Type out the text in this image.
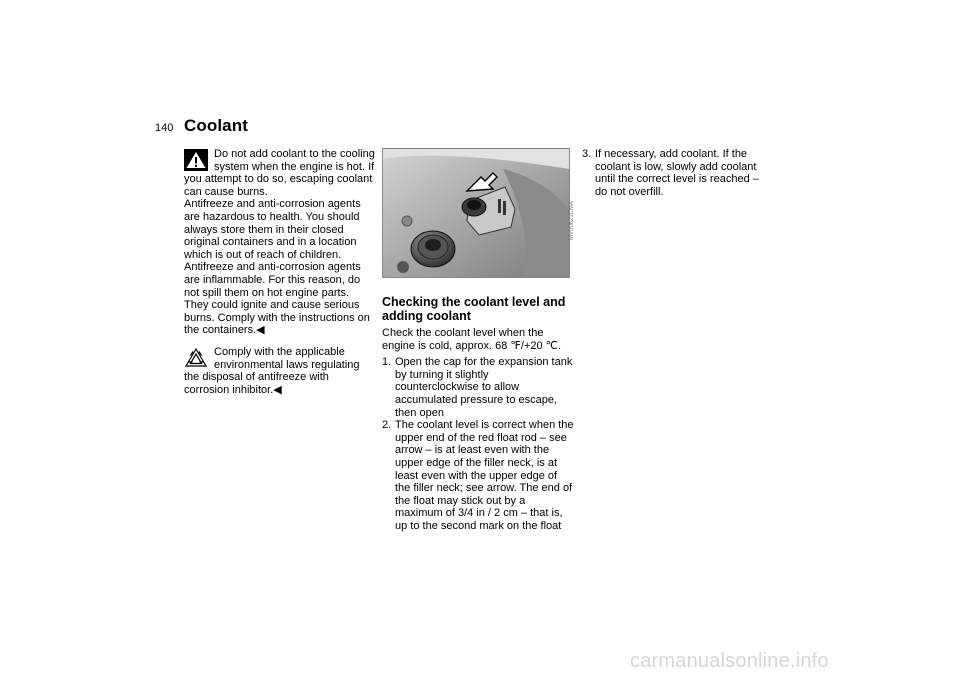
140 Coolant

Do not add coolant to the cooling system when the engine is hot. If you attempt to do so, escaping coolant can cause burns.

Antifreeze and anti-corrosion agents are hazardous to health. You should always store them in their closed original containers and in a location which is out of reach of children. Antifreeze and anti-corrosion agents are inflammable. For this reason, do not spill them on hot engine parts. They could ignite and cause serious burns. Comply with the instructions on the containers.◀

Comply with the applicable environmental laws regulating the disposal of antifreeze with corrosion inhibitor.◀

Checking the coolant level and adding coolant

Check the coolant level when the engine is cold, approx. 68 ℉/+20 ℃.

1. Open the cap for the expansion tank by turning it slightly counterclockwise to allow accumulated pressure to escape, then open
2. The coolant level is correct when the upper end of the red float rod – see arrow – is at least even with the upper edge of the filler neck, is at least even with the upper edge of the filler neck; see arrow. The end of the float may stick out by a maximum of 3/4 in / 2 cm – that is, up to the second mark on the float
MV00621CMA
3. If necessary, add coolant. If the coolant is low, slowly add coolant until the correct level is reached – do not overfill.
carmanualsonline.info
